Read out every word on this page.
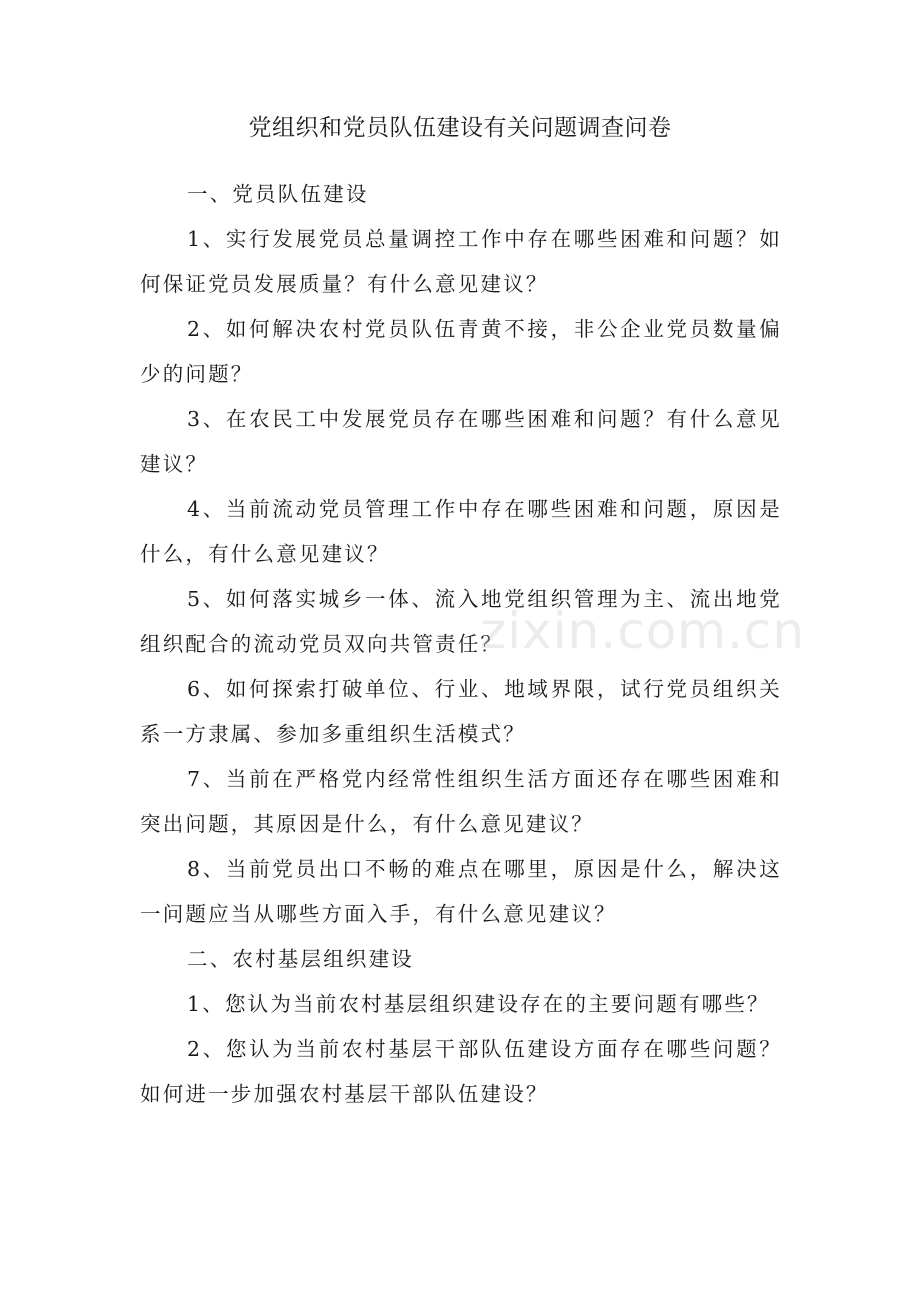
党组织和党员队伍建设有关问题调查问卷

一、党员队伍建设

1、实行发展党员总量调控工作中存在哪些困难和问题？如何保证党员发展质量？有什么意见建议？

2、如何解决农村党员队伍青黄不接，非公企业党员数量偏少的问题？

3、在农民工中发展党员存在哪些困难和问题？有什么意见建议？

4、当前流动党员管理工作中存在哪些困难和问题，原因是什么，有什么意见建议？

5、如何落实城乡一体、流入地党组织管理为主、流出地党组织配合的流动党员双向共管责任？

6、如何探索打破单位、行业、地域界限，试行党员组织关系一方隶属、参加多重组织生活模式？

7、当前在严格党内经常性组织生活方面还存在哪些困难和突出问题，其原因是什么，有什么意见建议？

8、当前党员出口不畅的难点在哪里，原因是什么，解决这一问题应当从哪些方面入手，有什么意见建议？

二、农村基层组织建设

1、您认为当前农村基层组织建设存在的主要问题有哪些？

2、您认为当前农村基层干部队伍建设方面存在哪些问题？如何进一步加强农村基层干部队伍建设？

zixin.com.cn
